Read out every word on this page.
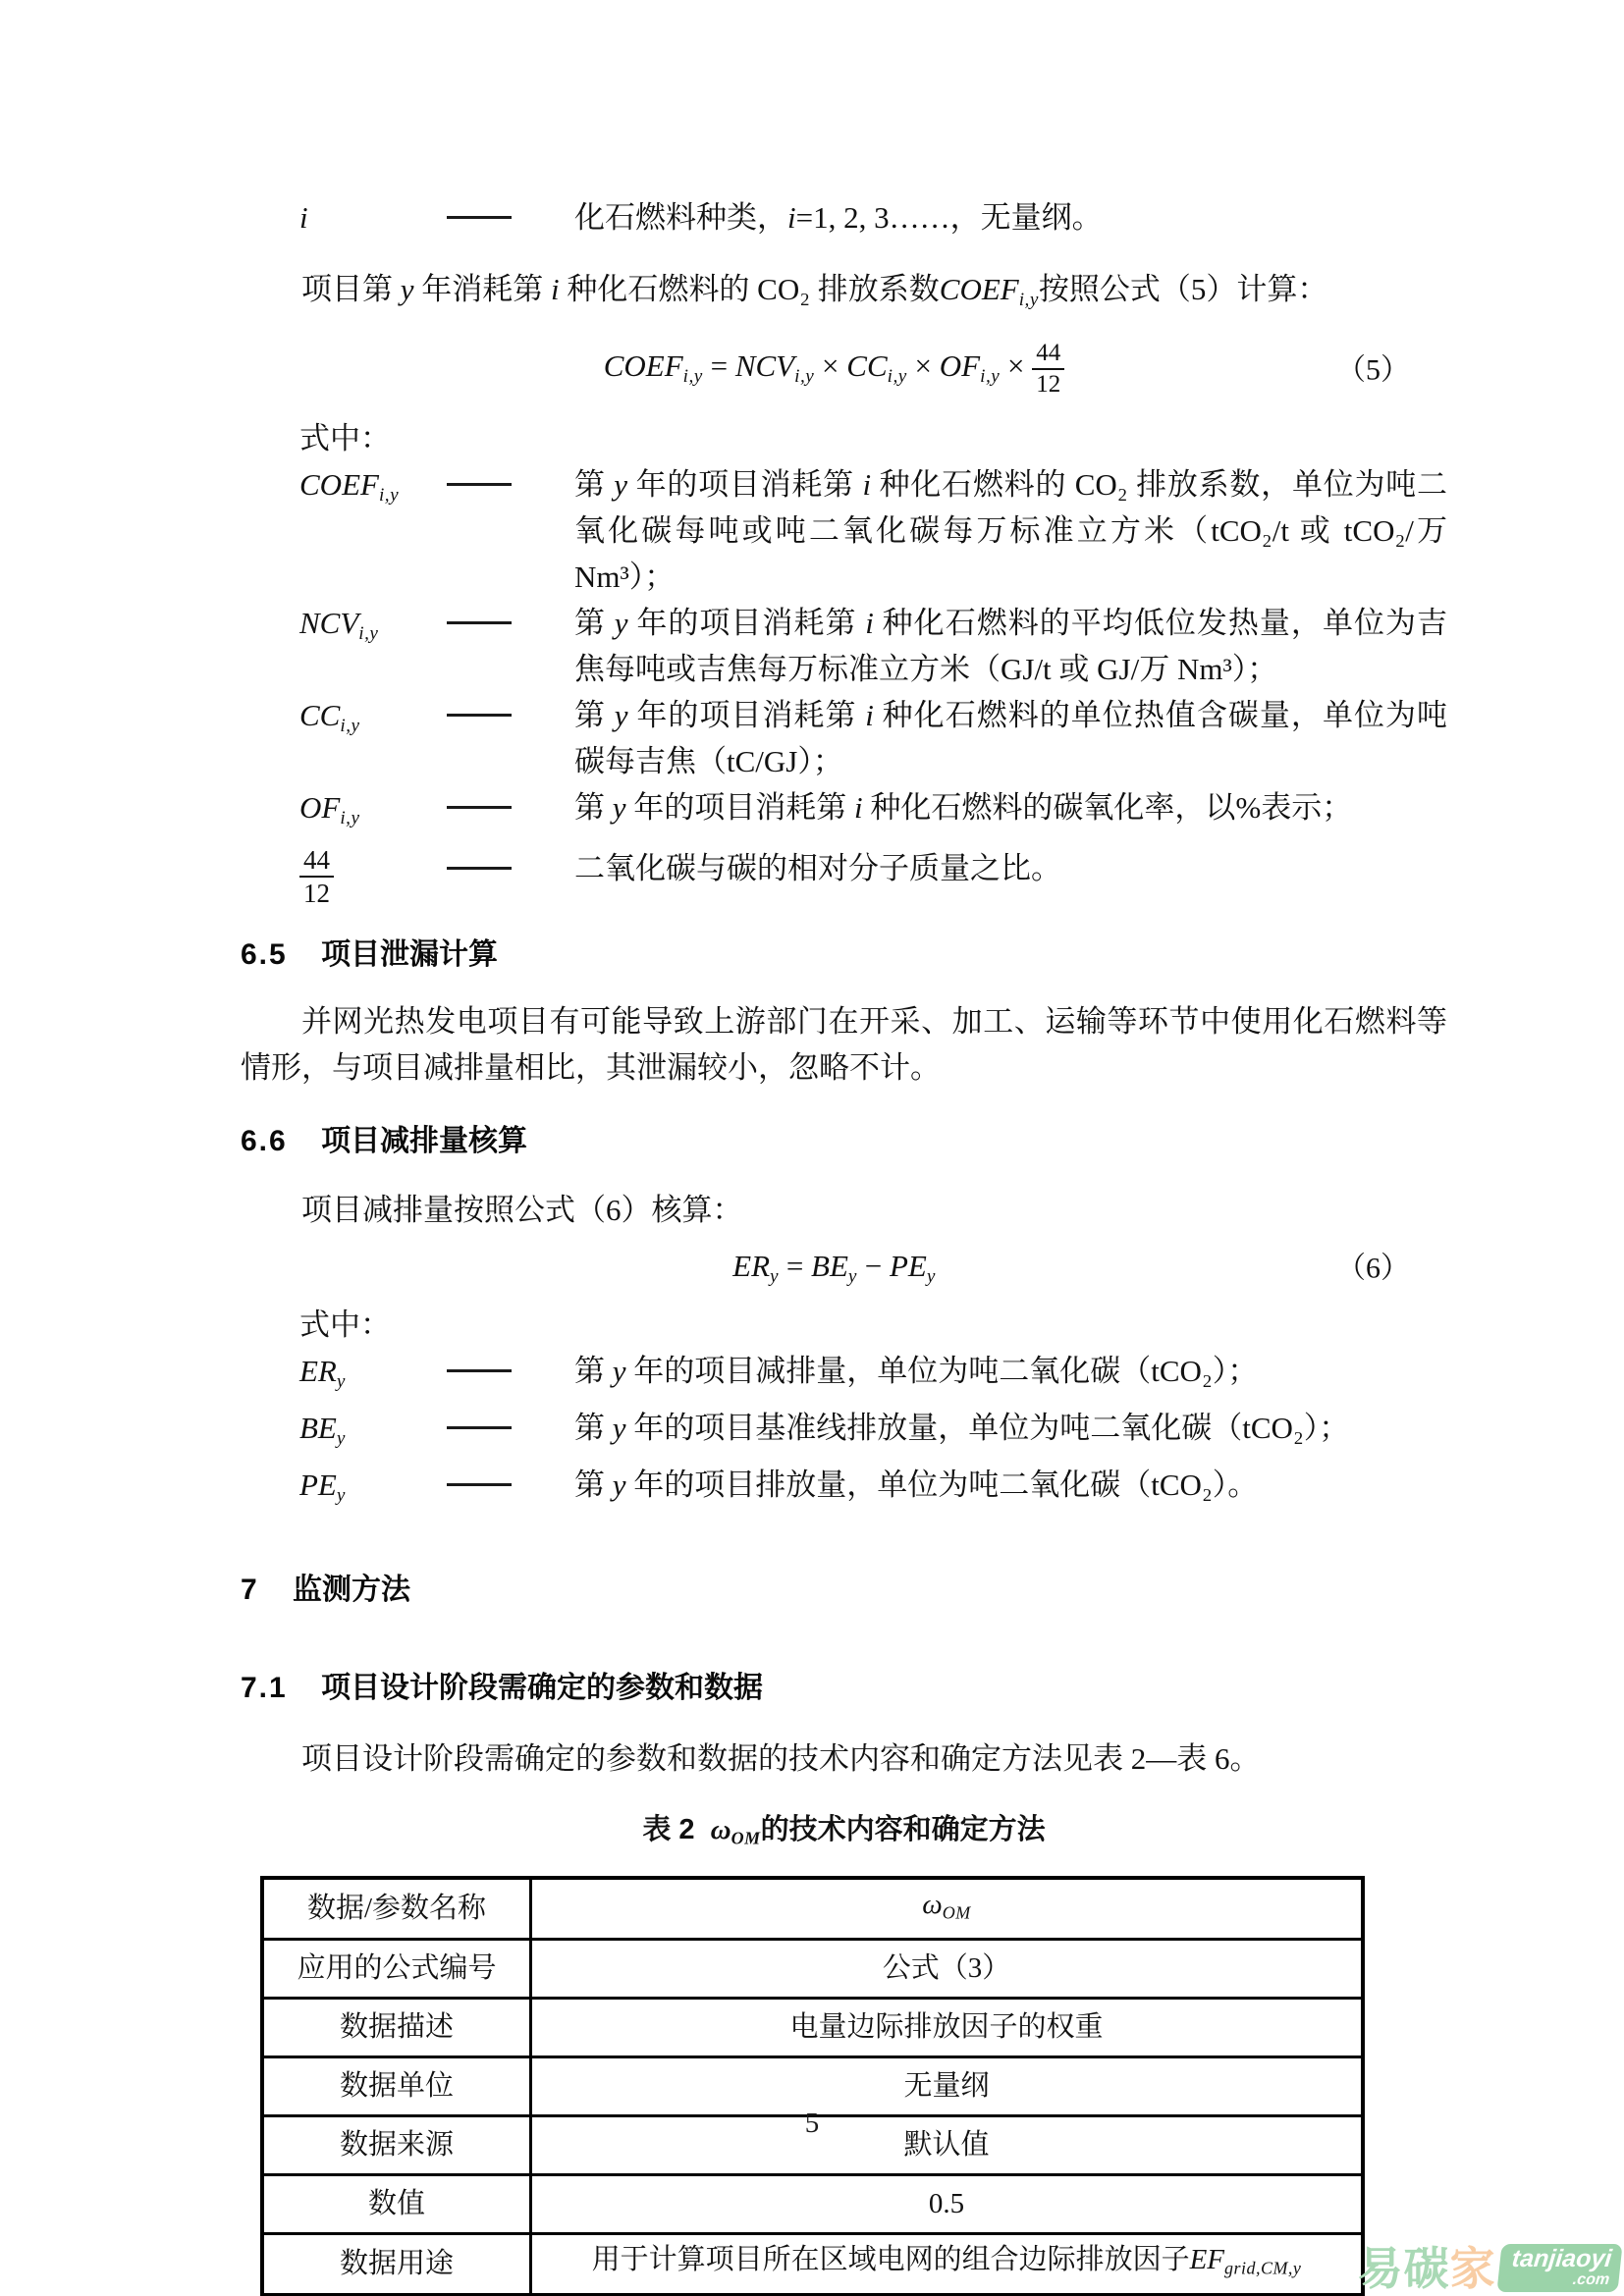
i	化石燃料种类，i=1, 2, 3……，无量纲。

项目第 y 年消耗第 i 种化石燃料的 CO₂ 排放系数COEFi,y按照公式（5）计算：

COEFi,y = NCVi,y × $CCi,y \times OFi,y \times \frac{44}{12}$	（5）

式中：

COEFi,y	第 y 年的项目消耗第 i 种化石燃料的 CO₂ 排放系数，单位为吨二氧化碳每吨或吨二氧化碳每万标准立方米（tCO₂/t 或 tCO₂/万 Nm³）；
NCVi,y	第 y 年的项目消耗第 i 种化石燃料的平均低位发热量，单位为吉焦每吨或吉焦每万标准立方米（GJ/t 或 GJ/万 Nm³）；
CCi,y	第 y 年的项目消耗第 i 种化石燃料的单位热值含碳量，单位为吨碳每吉焦（tC/GJ）；
OFi,y	第 y 年的项目消耗第 i 种化石燃料的碳氧化率，以%表示；
$\frac{44}{12}$	二氧化碳与碳的相对分子质量之比。
6.5 项目泄漏计算

并网光热发电项目有可能导致上游部门在开采、加工、运输等环节中使用化石燃料等情形，与项目减排量相比，其泄漏较小，忽略不计。

6.6 项目减排量核算

项目减排量按照公式（6）核算：

ERy = BEy − PEy	（6）

式中：

ERy	第 y 年的项目减排量，单位为吨二氧化碳（tCO₂）；
BEy	第 y 年的项目基准线排放量，单位为吨二氧化碳（tCO₂）；
PEy	第 y 年的项目排放量，单位为吨二氧化碳（tCO₂）。
7 监测方法
7.1 项目设计阶段需确定的参数和数据

项目设计阶段需确定的参数和数据的技术内容和确定方法见表 2—表 6。

表 2  ωOM的技术内容和确定方法
数据/参数名称	ωOM
应用的公式编号	公式（3）
数据描述	电量边际排放因子的权重
数据单位	无量纲
数据来源	默认值
数值	0.5
数据用途	用于计算项目所在区域电网的组合边际排放因子EFgrid,CM,y
5
易碳家 tanjiaoyi
.com
